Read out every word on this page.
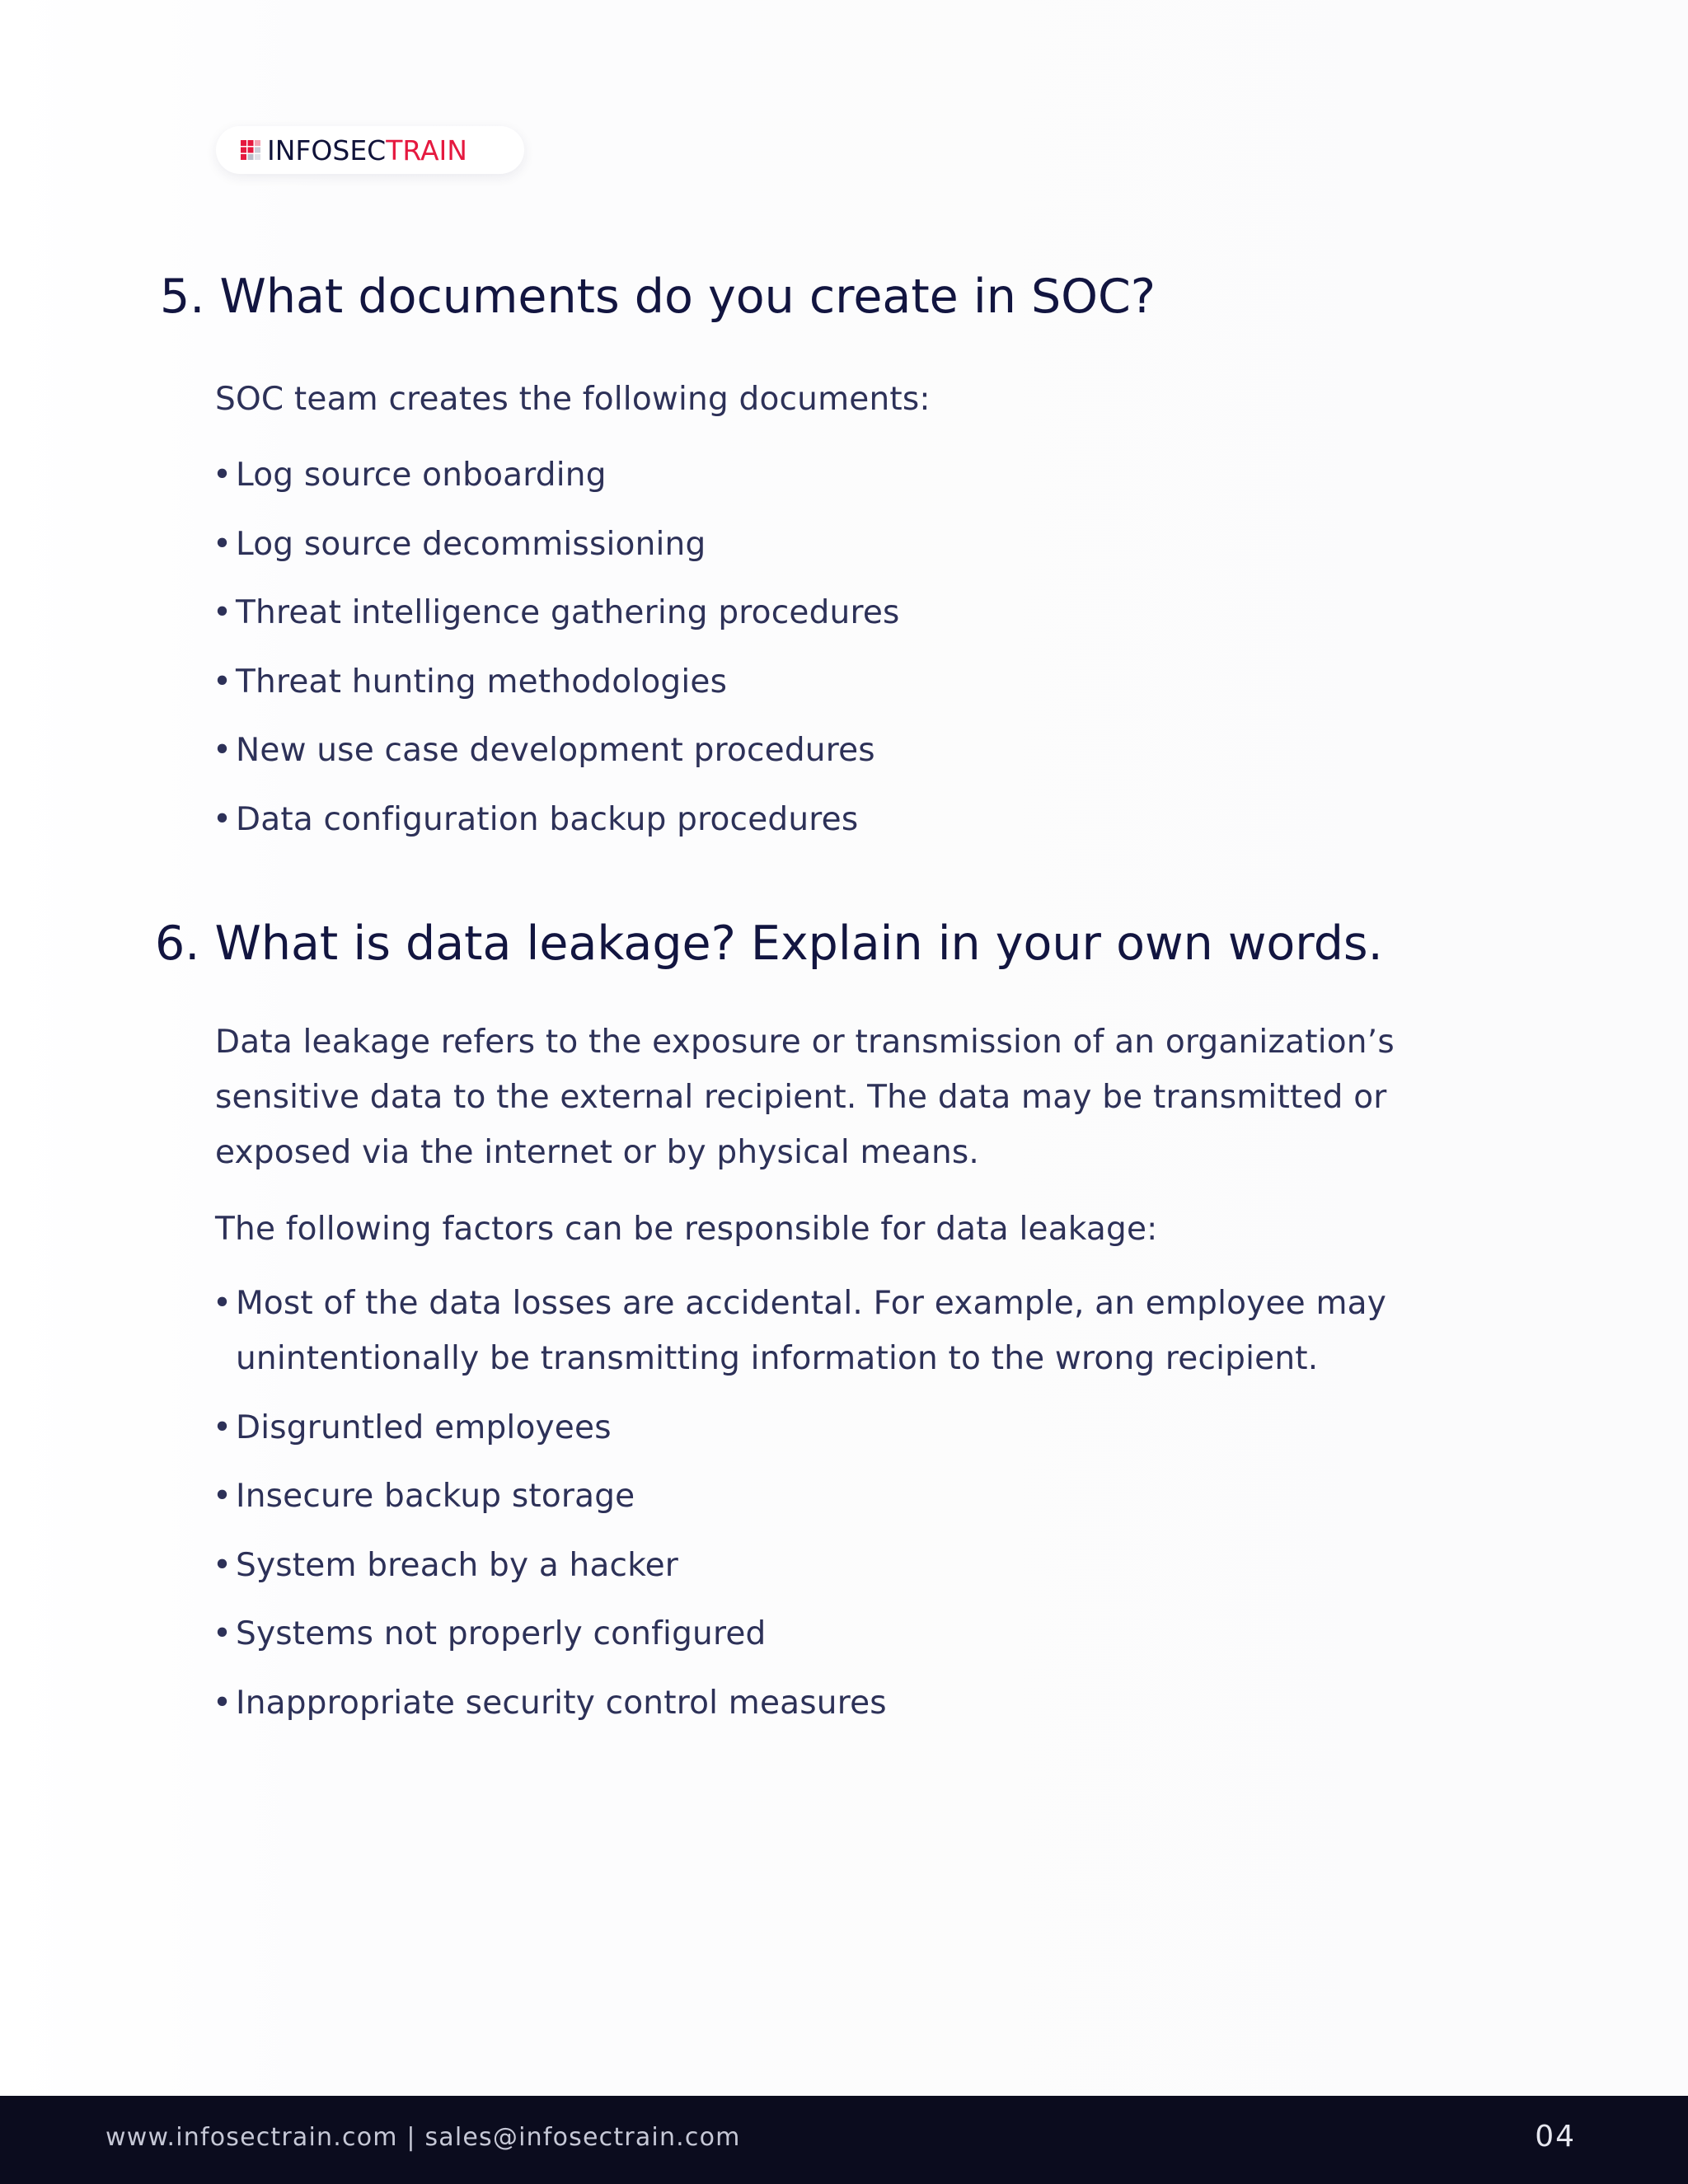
INFOSECTRAIN
5. What documents do you create in SOC?

SOC team creates the following documents:

• Log source onboarding
• Log source decommissioning
• Threat intelligence gathering procedures
• Threat hunting methodologies
• New use case development procedures
• Data configuration backup procedures
6. What is data leakage? Explain in your own words.

Data leakage refers to the exposure or transmission of an organization’s sensitive data to the external recipient. The data may be transmitted or exposed via the internet or by physical means.

The following factors can be responsible for data leakage:

• Most of the data losses are accidental. For example, an employee may unintentionally be transmitting information to the wrong recipient.
• Disgruntled employees
• Insecure backup storage
• System breach by a hacker
• Systems not properly configured
• Inappropriate security control measures
www.infosectrain.com | sales@infosectrain.com	04
